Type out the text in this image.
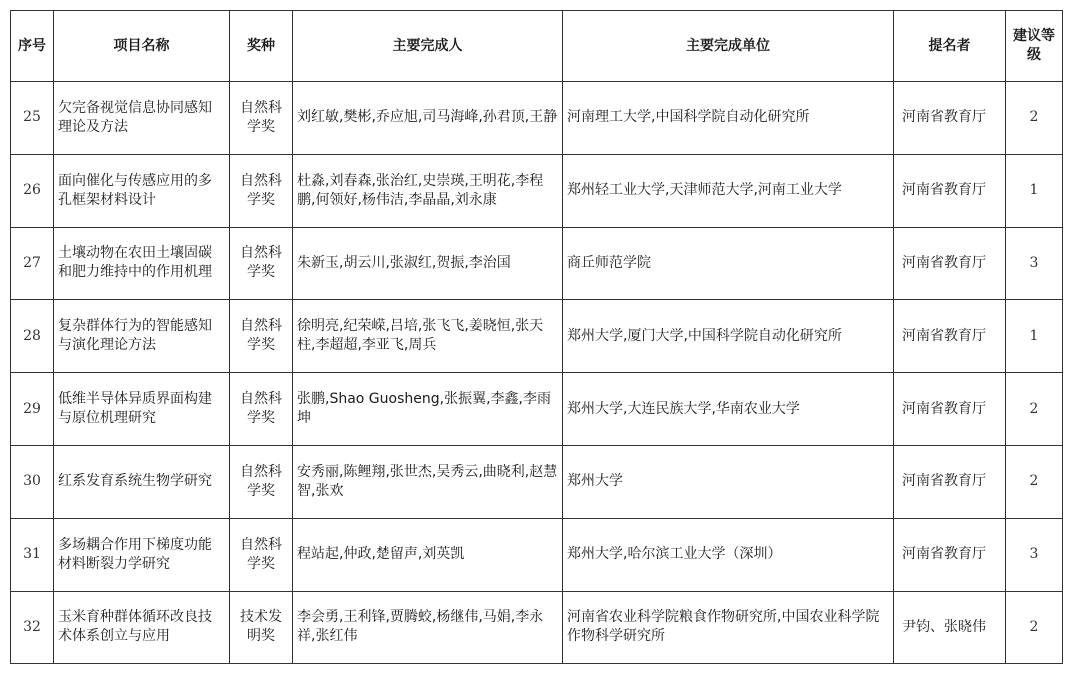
序号	项目名称	奖种	主要完成人	主要完成单位	提名者	建议等级
25	欠完备视觉信息协同感知理论及方法	自然科学奖	刘红敏,樊彬,乔应旭,司马海峰,孙君顶,王静	河南理工大学,中国科学院自动化研究所	河南省教育厅	2
26	面向催化与传感应用的多孔框架材料设计	自然科学奖	杜淼,刘春森,张治红,史崇瑛,王明花,李程鹏,何领好,杨伟洁,李晶晶,刘永康	郑州轻工业大学,天津师范大学,河南工业大学	河南省教育厅	1
27	土壤动物在农田土壤固碳和肥力维持中的作用机理	自然科学奖	朱新玉,胡云川,张淑红,贺振,李治国	商丘师范学院	河南省教育厅	3
28	复杂群体行为的智能感知与演化理论方法	自然科学奖	徐明亮,纪荣嵘,吕培,张飞飞,姜晓恒,张天柱,李超超,李亚飞,周兵	郑州大学,厦门大学,中国科学院自动化研究所	河南省教育厅	1
29	低维半导体异质界面构建与原位机理研究	自然科学奖	张鹏,Shao Guosheng,张振翼,李鑫,李雨坤	郑州大学,大连民族大学,华南农业大学	河南省教育厅	2
30	红系发育系统生物学研究	自然科学奖	安秀丽,陈鲤翔,张世杰,吴秀云,曲晓利,赵慧智,张欢	郑州大学	河南省教育厅	2
31	多场耦合作用下梯度功能材料断裂力学研究	自然科学奖	程站起,仲政,楚留声,刘英凯	郑州大学,哈尔滨工业大学（深圳）	河南省教育厅	3
32	玉米育种群体循环改良技术体系创立与应用	技术发明奖	李会勇,王利锋,贾腾蛟,杨继伟,马娟,李永祥,张红伟	河南省农业科学院粮食作物研究所,中国农业科学院作物科学研究所	尹钧、张晓伟	2
